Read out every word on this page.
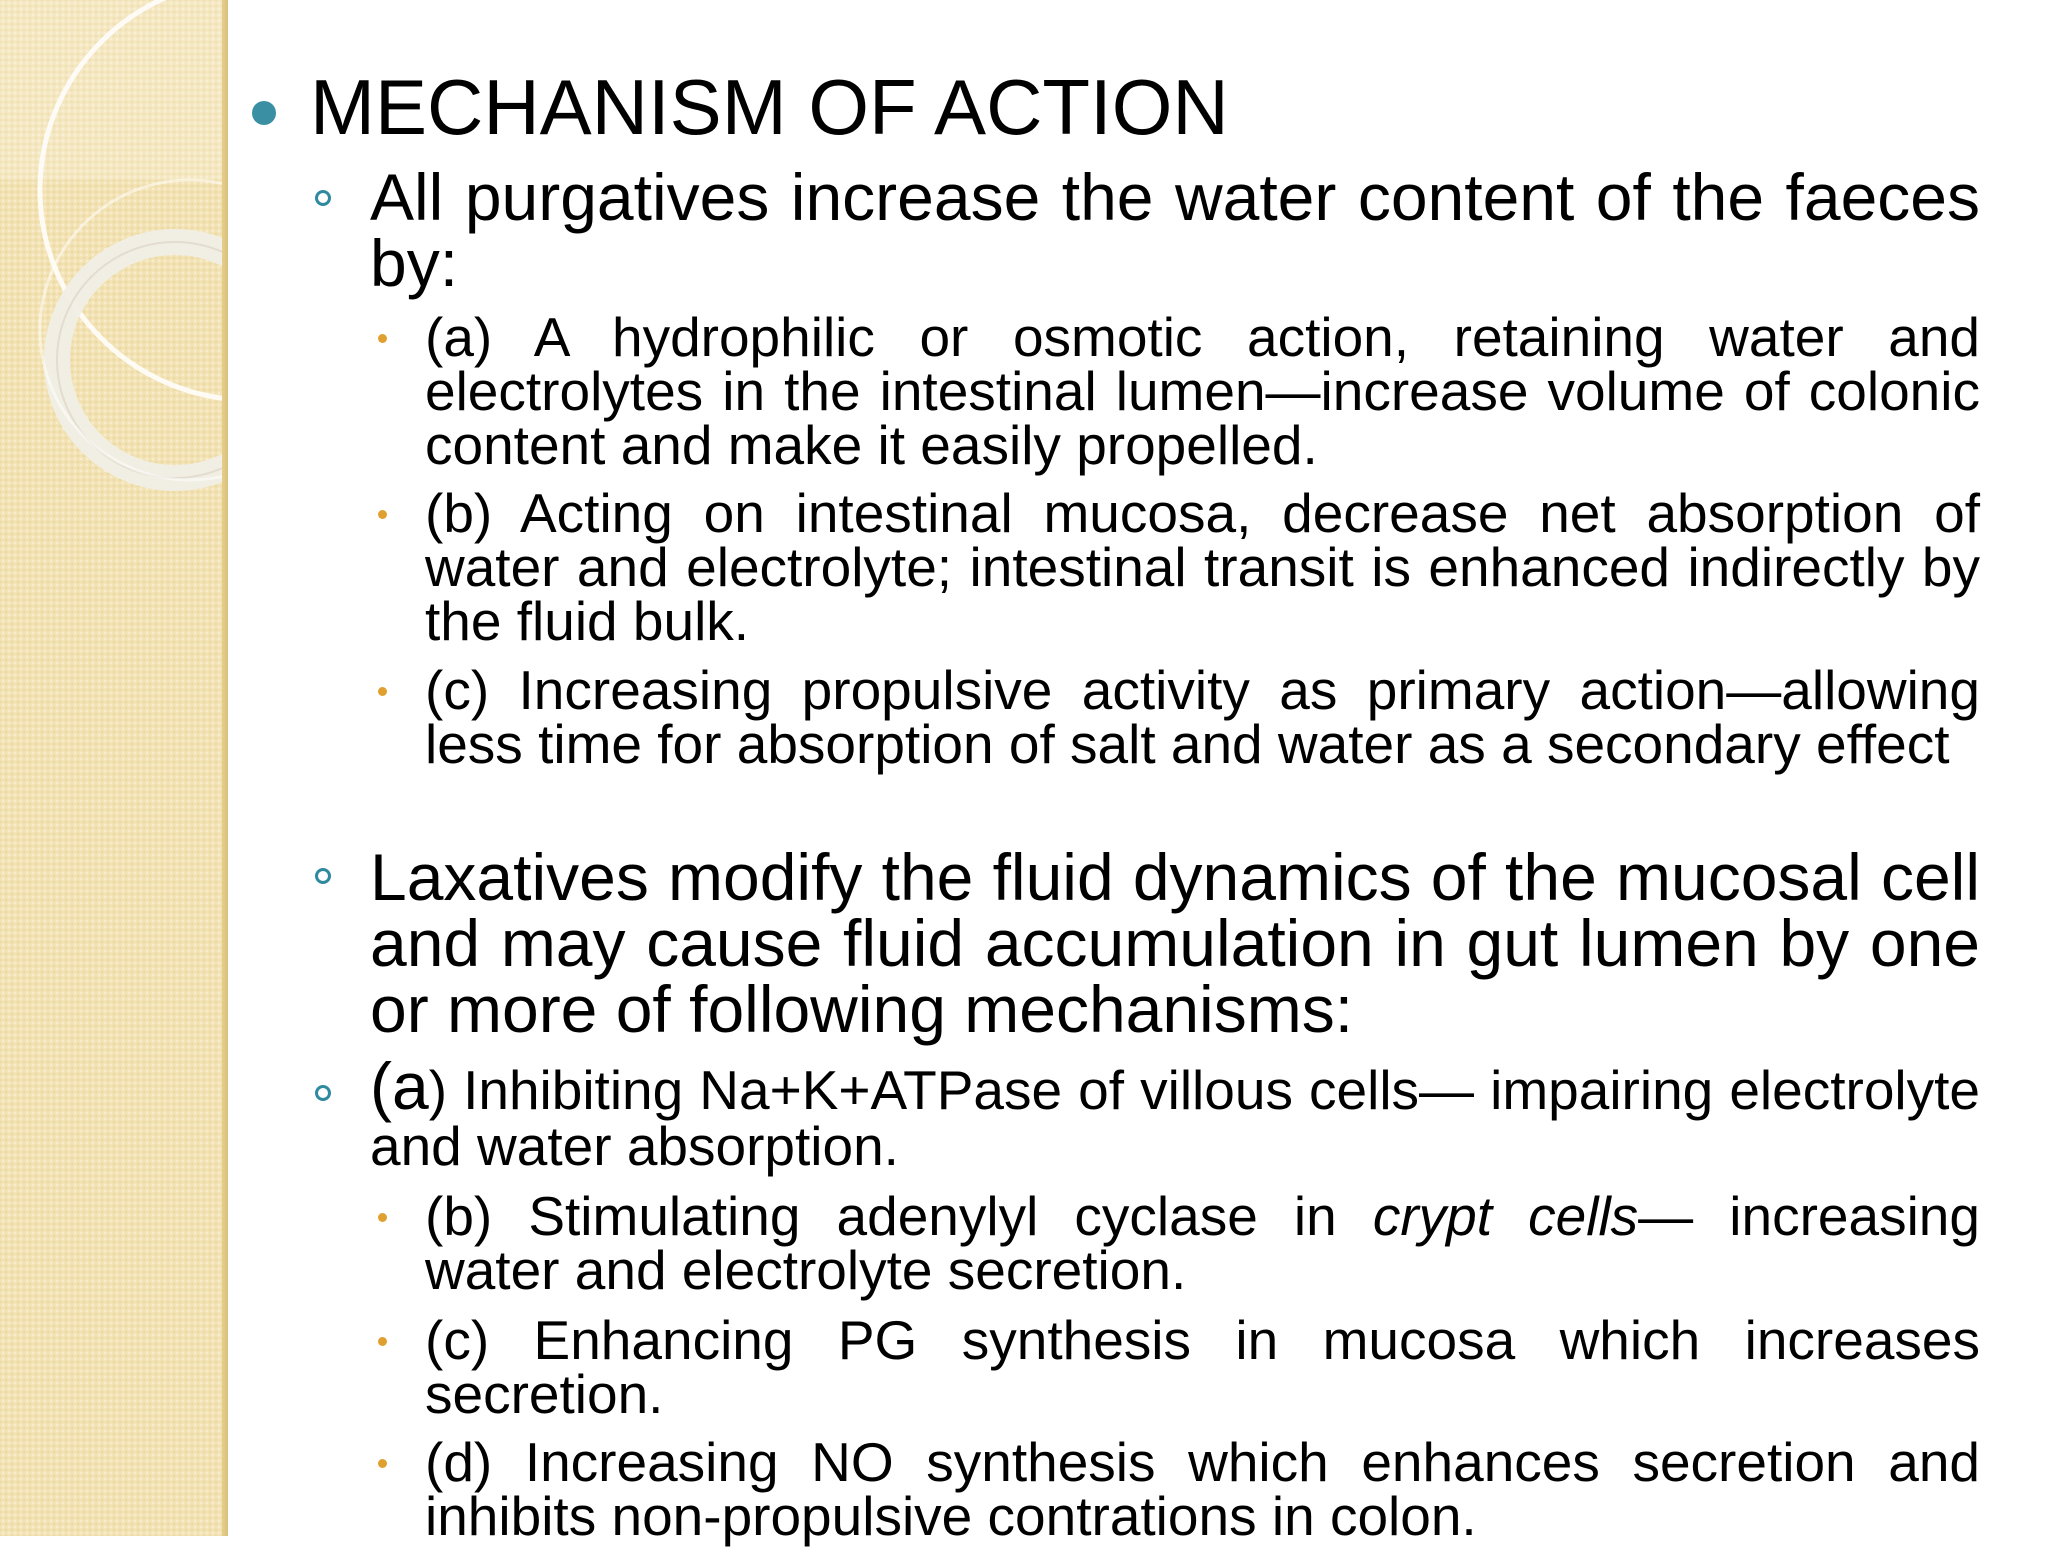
MECHANISM OF ACTION
All purgatives increase the water content of the faeces by:
(a) A hydrophilic or osmotic action, retaining water and electrolytes in the intestinal lumen—increase volume of colonic content and make it easily propelled.
(b) Acting on intestinal mucosa, decrease net absorption of water and electrolyte; intestinal transit is enhanced indirectly by the fluid bulk.
(c) Increasing propulsive activity as primary action—allowing less time for absorption of salt and water as a secondary effect
Laxatives modify the fluid dynamics of the mucosal cell and may cause fluid accumulation in gut lumen by one or more of following mechanisms:
(a) Inhibiting Na+K+ATPase of villous cells— impairing electrolyte and water absorption.
(b) Stimulating adenylyl cyclase in crypt cells— increasing water and electrolyte secretion.
(c) Enhancing PG synthesis in mucosa which increases secretion.
(d) Increasing NO synthesis which enhances secretion and inhibits non-propulsive contrations in colon.
